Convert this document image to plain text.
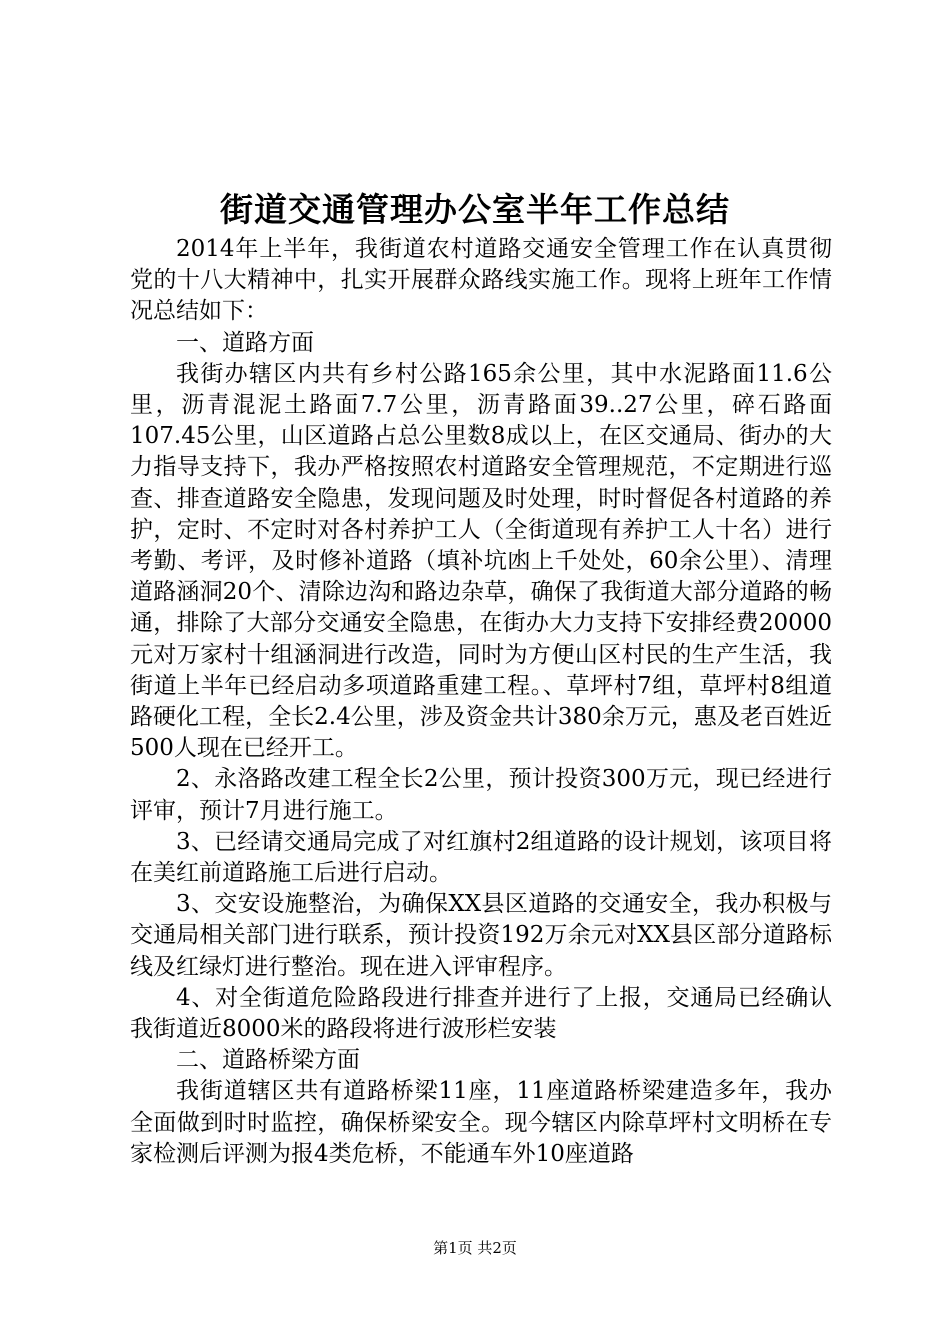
街道交通管理办公室半年工作总结

2014年上半年，我街道农村道路交通安全管理工作在认真贯彻党的十八大精神中，扎实开展群众路线实施工作。现将上班年工作情况总结如下：

一、道路方面

我街办辖区内共有乡村公路165余公里，其中水泥路面11.6公里，沥青混泥土路面7.7公里，沥青路面39..27公里，碎石路面107.45公里，山区道路占总公里数8成以上，在区交通局、街办的大力指导支持下，我办严格按照农村道路安全管理规范，不定期进行巡查、排查道路安全隐患，发现问题及时处理，时时督促各村道路的养护，定时、不定时对各村养护工人（全街道现有养护工人十名）进行考勤、考评，及时修补道路（填补坑凼上千处处，60余公里）、清理道路涵洞20个、清除边沟和路边杂草，确保了我街道大部分道路的畅通，排除了大部分交通安全隐患，在街办大力支持下安排经费20000元对万家村十组涵洞进行改造，同时为方便山区村民的生产生活，我街道上半年已经启动多项道路重建工程。、草坪村7组，草坪村8组道路硬化工程，全长2.4公里，涉及资金共计380余万元，惠及老百姓近500人现在已经开工。

2、永洛路改建工程全长2公里，预计投资300万元，现已经进行评审，预计7月进行施工。

3、已经请交通局完成了对红旗村2组道路的设计规划，该项目将在美红前道路施工后进行启动。

3、交安设施整治，为确保XX县区道路的交通安全，我办积极与交通局相关部门进行联系，预计投资192万余元对XX县区部分道路标线及红绿灯进行整治。现在进入评审程序。

4、对全街道危险路段进行排查并进行了上报，交通局已经确认我街道近8000米的路段将进行波形栏安装

二、道路桥梁方面

我街道辖区共有道路桥梁11座，11座道路桥梁建造多年，我办全面做到时时监控，确保桥梁安全。现今辖区内除草坪村文明桥在专家检测后评测为报4类危桥，不能通车外10座道路

第1页 共2页
